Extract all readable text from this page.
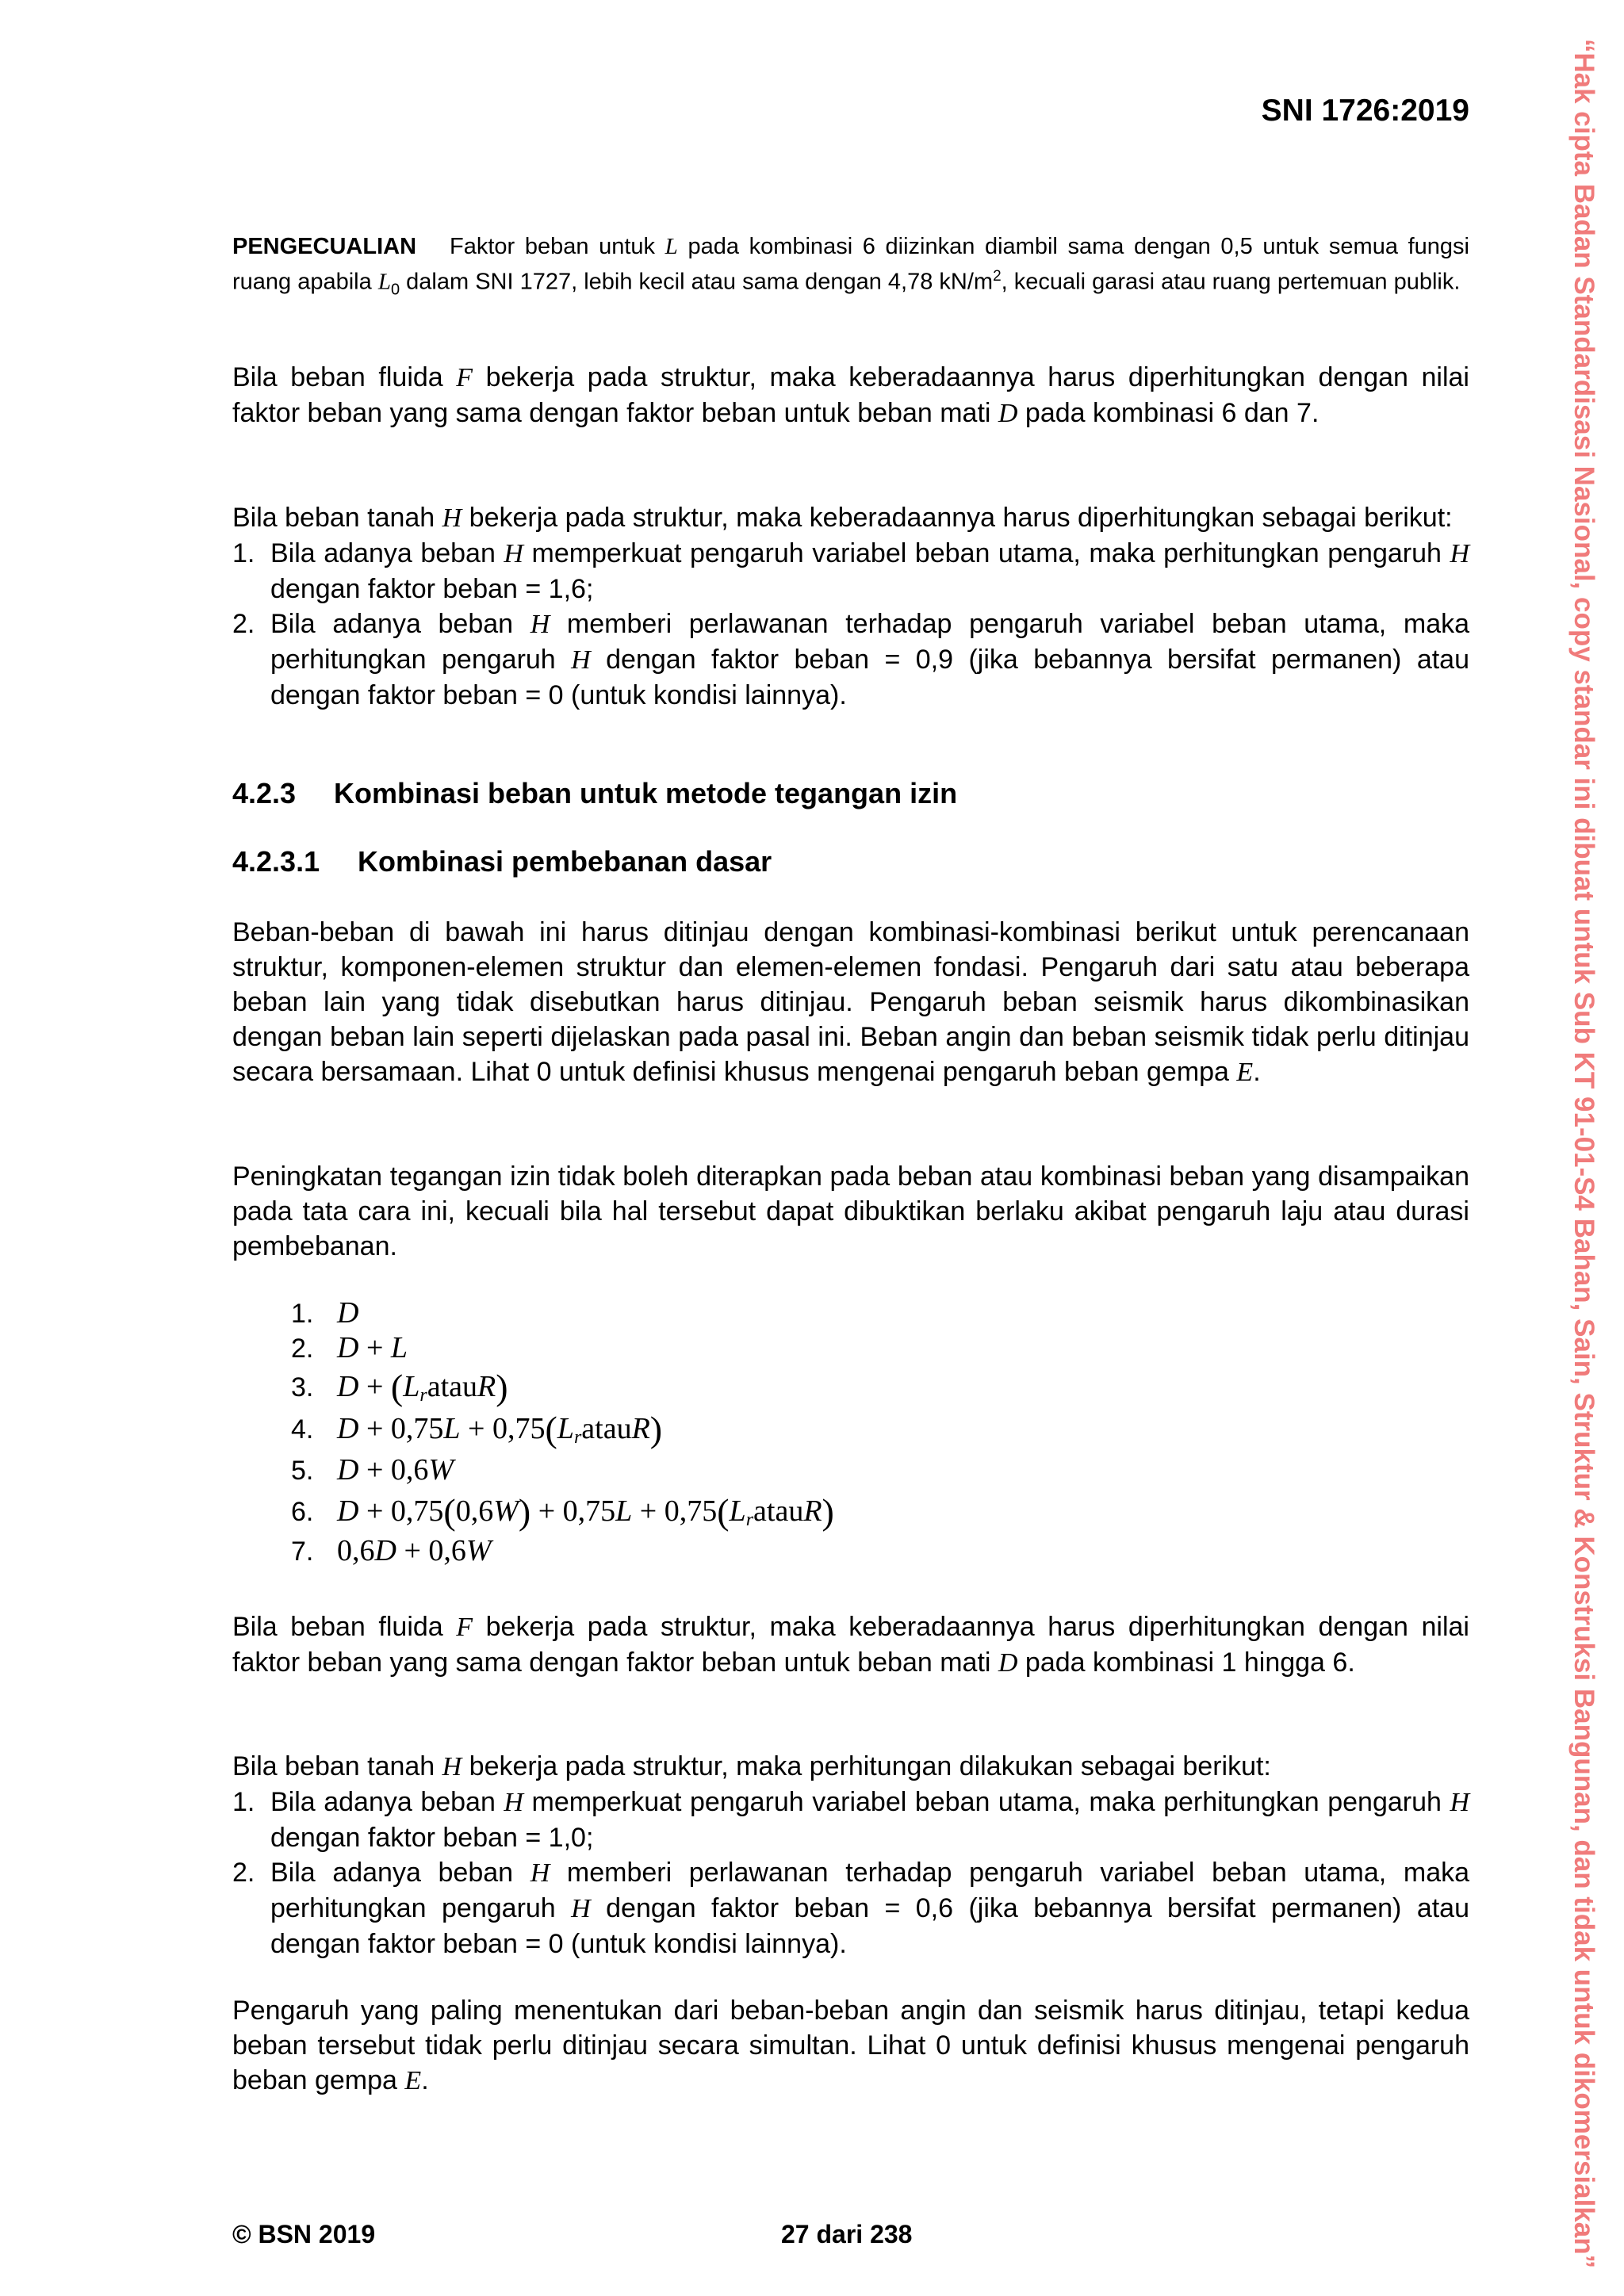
SNI 1726:2019

PENGECUALIAN Faktor beban untuk L pada kombinasi 6 diizinkan diambil sama dengan 0,5 untuk semua fungsi ruang apabila $L_0$ dalam SNI 1727, lebih kecil atau sama dengan 4,78 $kN/m^2$, kecuali garasi atau ruang pertemuan publik.

Bila beban fluida F bekerja pada struktur, maka keberadaannya harus diperhitungkan dengan nilai faktor beban yang sama dengan faktor beban untuk beban mati D pada kombinasi 6 dan 7.

Bila beban tanah H bekerja pada struktur, maka keberadaannya harus diperhitungkan sebagai berikut:

1. Bila adanya beban H memperkuat pengaruh variabel beban utama, maka perhitungkan pengaruh H dengan faktor beban = 1,6;
2. Bila adanya beban H memberi perlawanan terhadap pengaruh variabel beban utama, maka perhitungkan pengaruh H dengan faktor beban = 0,9 (jika bebannya bersifat permanen) atau dengan faktor beban = 0 (untuk kondisi lainnya).
4.2.3 Kombinasi beban untuk metode tegangan izin
4.2.3.1 Kombinasi pembebanan dasar

Beban-beban di bawah ini harus ditinjau dengan kombinasi-kombinasi berikut untuk perencanaan struktur, komponen-elemen struktur dan elemen-elemen fondasi. Pengaruh dari satu atau beberapa beban lain yang tidak disebutkan harus ditinjau. Pengaruh beban seismik harus dikombinasikan dengan beban lain seperti dijelaskan pada pasal ini. Beban angin dan beban seismik tidak perlu ditinjau secara bersamaan. Lihat 0 untuk definisi khusus mengenai pengaruh beban gempa E.

Peningkatan tegangan izin tidak boleh diterapkan pada beban atau kombinasi beban yang disampaikan pada tata cara ini, kecuali bila hal tersebut dapat dibuktikan berlaku akibat pengaruh laju atau durasi pembebanan.

1. D
2. D + L
3. $D + (L_ratauR)$
4. $D + 0,75L + 0,75(L_ratauR)$
5. D + 0,6W
6. $D + 0,75(0,6W) + 0,75L + 0,75(L_ratauR)$
7. 0,6D + 0,6W

Bila beban fluida F bekerja pada struktur, maka keberadaannya harus diperhitungkan dengan nilai faktor beban yang sama dengan faktor beban untuk beban mati D pada kombinasi 1 hingga 6.

Bila beban tanah H bekerja pada struktur, maka perhitungan dilakukan sebagai berikut:

1. Bila adanya beban H memperkuat pengaruh variabel beban utama, maka perhitungkan pengaruh H dengan faktor beban = 1,0;
2. Bila adanya beban H memberi perlawanan terhadap pengaruh variabel beban utama, maka perhitungkan pengaruh H dengan faktor beban = 0,6 (jika bebannya bersifat permanen) atau dengan faktor beban = 0 (untuk kondisi lainnya).

Pengaruh yang paling menentukan dari beban-beban angin dan seismik harus ditinjau, tetapi kedua beban tersebut tidak perlu ditinjau secara simultan. Lihat 0 untuk definisi khusus mengenai pengaruh beban gempa E.

© BSN 2019	27 dari 238	“Hak cipta Badan Standardisasi Nasional, copy standar ini dibuat untuk Sub KT 91-01-S4 Bahan, Sain, Struktur & Konstruksi Bangunan, dan tidak untuk dikomersialkan”
